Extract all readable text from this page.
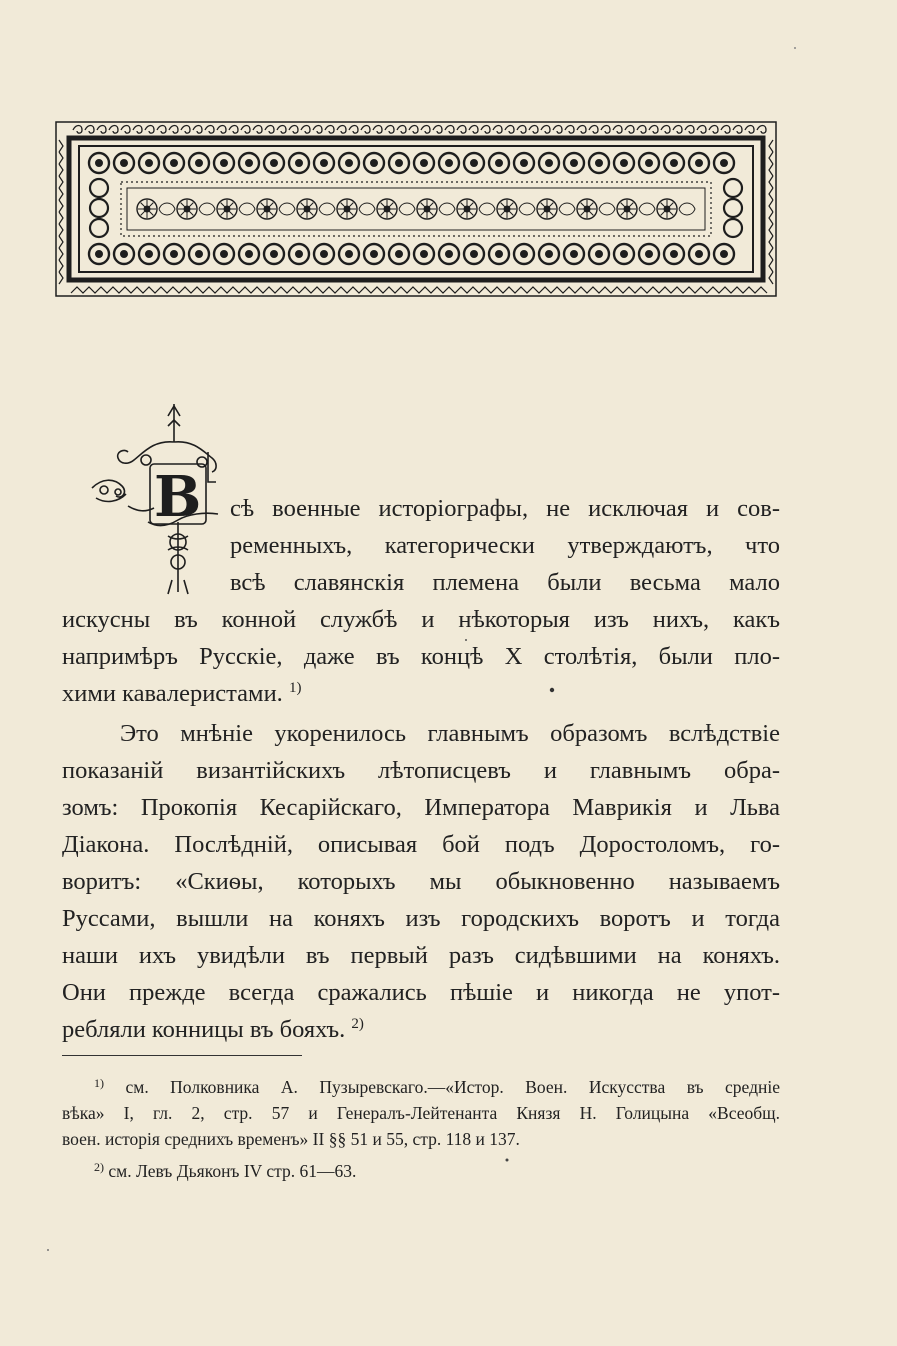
В сѣ военные исторіографы, не исключая и сов-
ременныхъ, категорически утверждаютъ, что
всѣ славянскія племена были весьма мало
искусны въ конной службѣ и нѣкоторыя изъ нихъ, какъ
напримѣръ Русскіе, даже въ концѣ X столѣтія, были пло-
хими кавалеристами. $^{1)}$
Это мнѣніе укоренилось главнымъ образомъ вслѣдствіе
показаній византійскихъ лѣтописцевъ и главнымъ обра-
зомъ: Прокопія Кесарійскаго, Императора Маврикія и Льва
Діакона. Послѣдній, описывая бой подъ Доростоломъ, го-
воритъ: «Скиѳы, которыхъ мы обыкновенно называемъ
Руссами, вышли на коняхъ изъ городскихъ воротъ и тогда
наши ихъ увидѣли въ первый разъ сидѣвшими на коняхъ.
Они прежде всегда сражались пѣшіе и никогда не упот-
ребляли конницы въ бояхъ. $^{2)}$
$^{1)}$ см. Полковника А. Пузыревскаго.—«Истор. Воен. Искусства въ средніе
вѣка» I, гл. 2, стр. 57 и Генералъ-Лейтенанта Князя Н. Голицына «Всеобщ.
воен. исторія среднихъ временъ» II §§ 51 и 55, стр. 118 и 137.
$^{2)}$ см. Левъ Дьяконъ IV стр. 61—63.
